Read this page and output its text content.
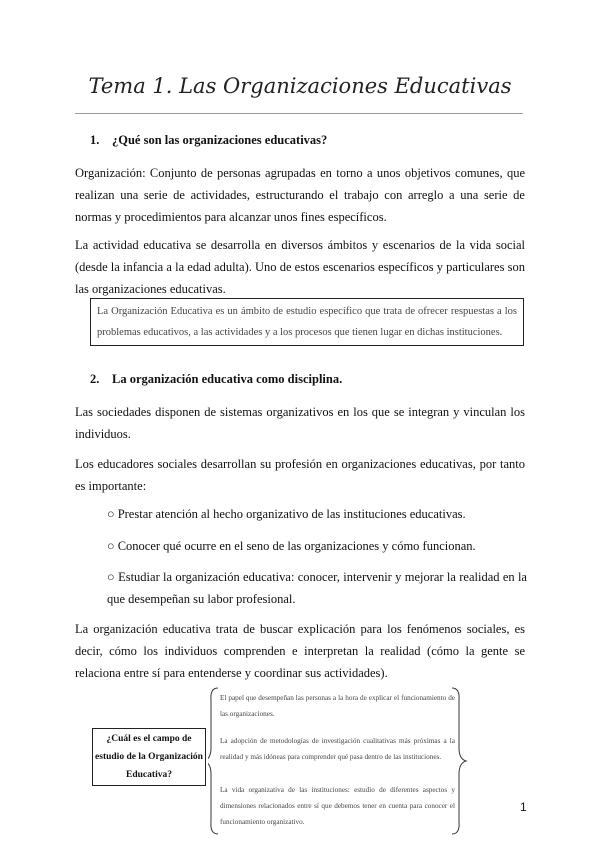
Tema 1. Las Organizaciones Educativas
1. ¿Qué son las organizaciones educativas?

Organización: Conjunto de personas agrupadas en torno a unos objetivos comunes, que realizan una serie de actividades, estructurando el trabajo con arreglo a una serie de normas y procedimientos para alcanzar unos fines específicos.

La actividad educativa se desarrolla en diversos ámbitos y escenarios de la vida social (desde la infancia a la edad adulta). Uno de estos escenarios específicos y particulares son las organizaciones educativas.

La Organización Educativa es un ámbito de estudio específico que trata de ofrecer respuestas a los problemas educativos, a las actividades y a los procesos que tienen lugar en dichas instituciones.
2. La organización educativa como disciplina.

Las sociedades disponen de sistemas organizativos en los que se integran y vinculan los individuos.

Los educadores sociales desarrollan su profesión en organizaciones educativas, por tanto es importante:

○ Prestar atención al hecho organizativo de las instituciones educativas.
○ Conocer qué ocurre en el seno de las organizaciones y cómo funcionan.
○ Estudiar la organización educativa: conocer, intervenir y mejorar la realidad en la que desempeñan su labor profesional.

La organización educativa trata de buscar explicación para los fenómenos sociales, es decir, cómo los individuos comprenden e interpretan la realidad (cómo la gente se relaciona entre sí para entenderse y coordinar sus actividades).

¿Cuál es el campo de estudio de la Organización Educativa?
El papel que desempeñan las personas a la hora de explicar el funcionamiento de las organizaciones.
La adopción de metodologías de investigación cualitativas más próximas a la realidad y más idóneas para comprender qué pasa dentro de las instituciones.
La vida organizativa de las instituciones: estudio de diferentes aspectos y dimensiones relacionados entre sí que debemos tener en cuenta para conocer el funcionamiento organizativo.
1
